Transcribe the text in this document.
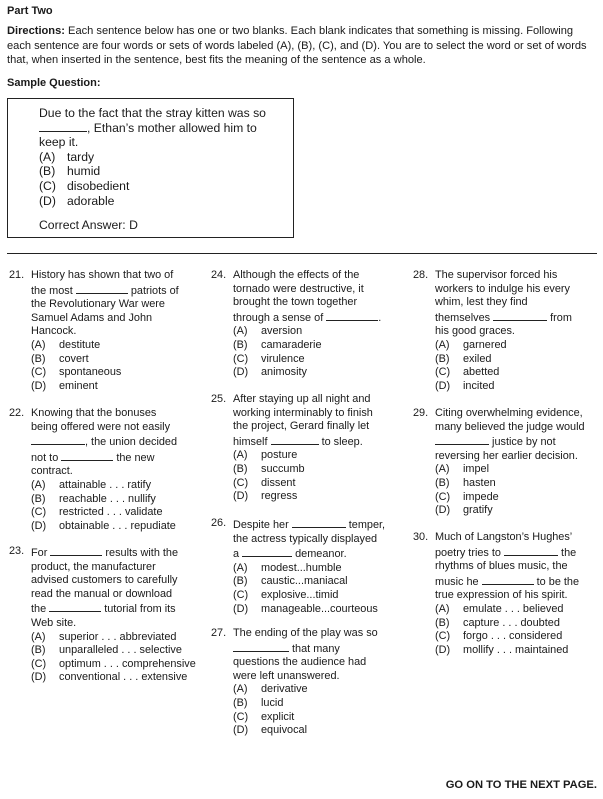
Part Two
Directions: Each sentence below has one or two blanks. Each blank indicates that something is missing. Following
each sentence are four words or sets of words labeled (A), (B), (C), and (D). You are to select the word or set of words
that, when inserted in the sentence, best fits the meaning of the sentence as a whole.
Sample Question:
Due to the fact that the stray kitten was so
, Ethan’s mother allowed him to
keep it.
(A) tardy
(B) humid
(C) disobedient
(D) adorable
Correct Answer: D
21. History has shown that two of
the most	patriots of
the Revolutionary War were
Samuel Adams and John
Hancock.
(A) destitute
(B) covert
(C) spontaneous
(D) eminent
22. Knowing that the bonuses
being offered were not easily
, the union decided
not to	the new
contract.
(A) attainable . . . ratify
(B) reachable . . . nullify
(C) restricted . . . validate
(D) obtainable . . . repudiate
23. For	results with the
product, the manufacturer
advised customers to carefully
read the manual or download
the	tutorial from its
Web site.
(A) superior . . . abbreviated
(B) unparalleled . . . selective
(C) optimum . . . comprehensive
(D) conventional . . . extensive
24. Although the effects of the
tornado were destructive, it
brought the town together
through a sense of	.
(A) aversion
(B) camaraderie
(C) virulence
(D) animosity
25. After staying up all night and
working interminably to finish
the project, Gerard finally let
himself	to sleep.
(A) posture
(B) succumb
(C) dissent
(D) regress
26. Despite her	temper,
the actress typically displayed
a	demeanor.
(A) modest...humble
(B) caustic...maniacal
(C) explosive...timid
(D) manageable...courteous
27. The ending of the play was so
that many
questions the audience had
were left unanswered.
(A) derivative
(B) lucid
(C) explicit
(D) equivocal
28. The supervisor forced his
workers to indulge his every
whim, lest they find
themselves	from
his good graces.
(A) garnered
(B) exiled
(C) abetted
(D) incited
29. Citing overwhelming evidence,
many believed the judge would
justice by not
reversing her earlier decision.
(A) impel
(B) hasten
(C) impede
(D) gratify
30. Much of Langston’s Hughes’
poetry tries to	the
rhythms of blues music, the
music he	to be the
true expression of his spirit.
(A) emulate . . . believed
(B) capture . . . doubted
(C) forgo . . . considered
(D) mollify . . . maintained
GO ON TO THE NEXT PAGE.
